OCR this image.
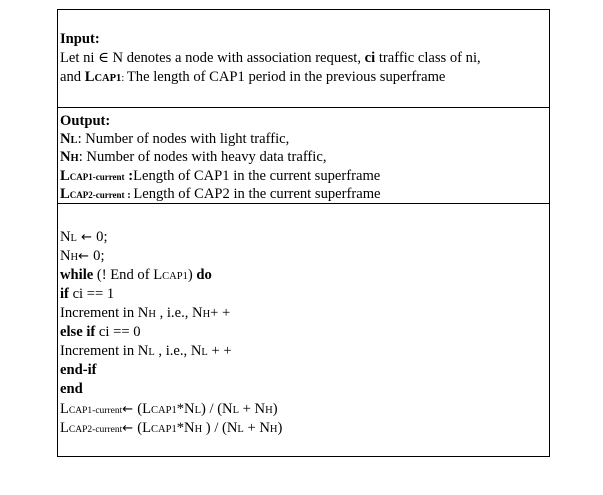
Input:
Let ni ∈ N denotes a node with association request, ci traffic class of ni,
and LCAP1: The length of CAP1 period in the previous superframe
Output:
NL: Number of nodes with light traffic,
NH: Number of nodes with heavy data traffic,
LCAP1-current :Length of CAP1 in the current superframe
LCAP2-current : Length of CAP2 in the current superframe
NL ← 0;
NH← 0;
while (! End of LCAP1) do
if ci == 1
Increment in NH , i.e., NH+ +
else if ci == 0
Increment in NL , i.e., NL + +
end-if
end
LCAP1-current← (LCAP1*NL) / (NL + NH)
LCAP2-current← (LCAP1*NH ) / (NL + NH)
